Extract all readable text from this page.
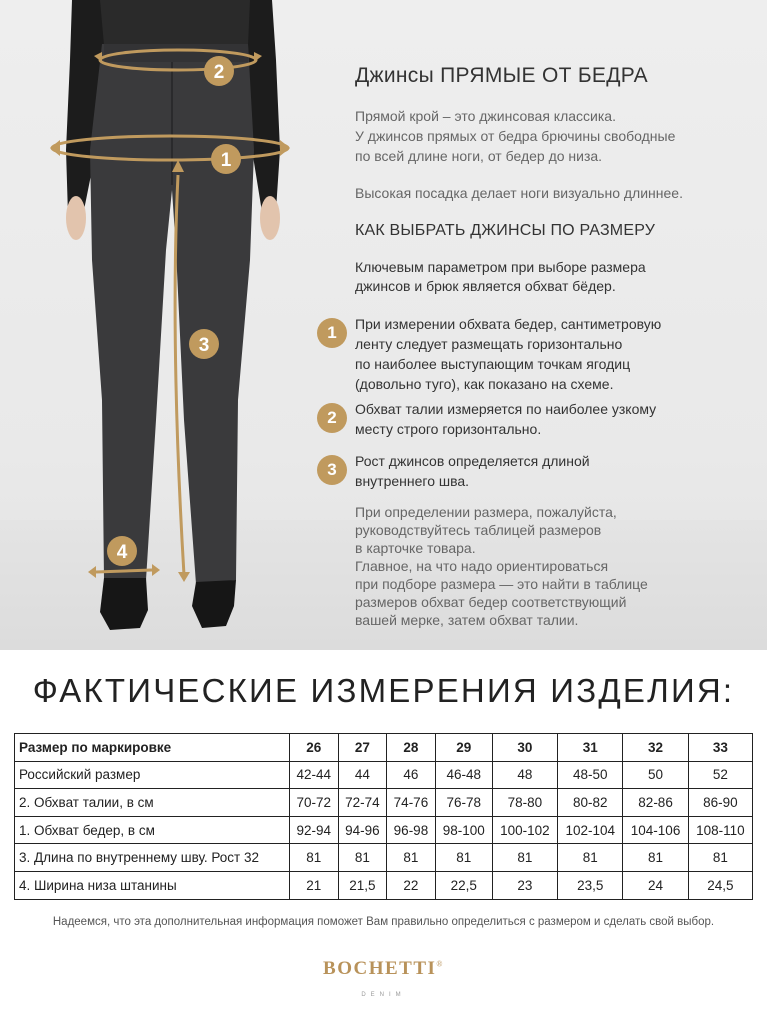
1
2
3
4
Джинсы ПРЯМЫЕ ОТ БЕДРА
Прямой крой – это джинсовая классика.
У джинсов прямых от бедра брючины свободные
по всей длине ноги, от бедер до низа.
Высокая посадка делает ноги визуально длиннее.
КАК ВЫБРАТЬ ДЖИНСЫ ПО РАЗМЕРУ
Ключевым параметром при выборе размера
джинсов и брюк является обхват бёдер.
1	При измерении обхвата бедер, сантиметровую
ленту следует размещать горизонтально
по наиболее выступающим точкам ягодиц
(довольно туго), как показано на схеме.
2	Обхват талии измеряется по наиболее узкому
месту строго горизонтально.
3	Рост джинсов определяется длиной
внутреннего шва.
При определении размера, пожалуйста,
руководствуйтесь таблицей размеров
в карточке товара.
Главное, на что надо ориентироваться
при подборе размера — это найти в таблице
размеров обхват бедер соответствующий
вашей мерке, затем обхват талии.
ФАКТИЧЕСКИЕ ИЗМЕРЕНИЯ ИЗДЕЛИЯ:
Размер по маркировке	26	27	28	29	30	31	32	33
Российский размер	42-44	44	46	46-48	48	48-50	50	52
2. Обхват талии, в см	70-72	72-74	74-76	76-78	78-80	80-82	82-86	86-90
1. Обхват бедер, в см	92-94	94-96	96-98	98-100	100-102	102-104	104-106	108-110
3. Длина по внутреннему шву. Рост 32	81	81	81	81	81	81	81	81
4. Ширина низа штанины	21	21,5	22	22,5	23	23,5	24	24,5
Надеемся, что эта дополнительная информация поможет Вам правильно определиться с размером и сделать свой выбор.
BOCHETTI®
DENIM
